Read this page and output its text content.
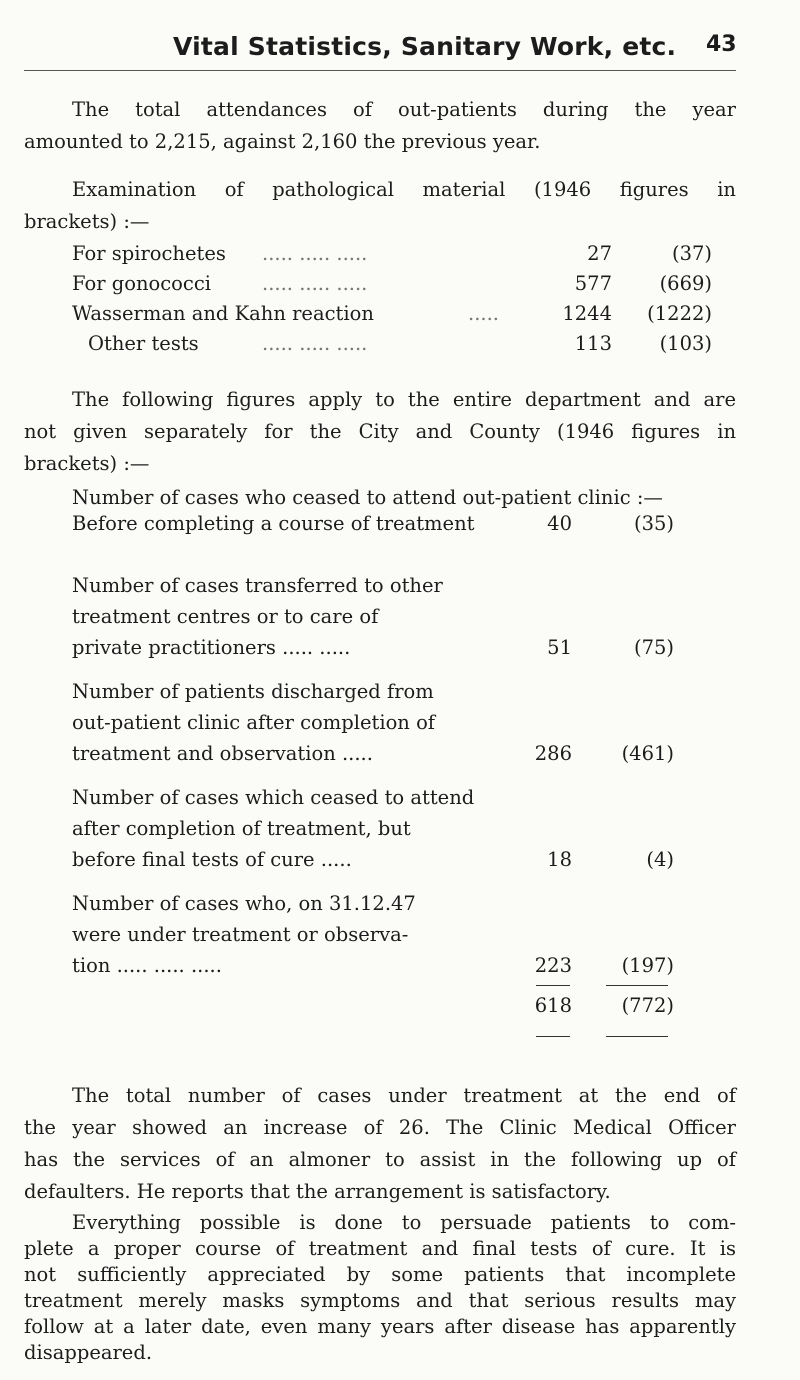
Vital Statistics, Sanitary Work, etc. 43
The total attendances of out-patients during the year
amounted to 2,215, against 2,160 the previous year.
Examination of pathological material (1946 figures in
brackets) :—
For spirochetes ..... ..... .....	27	(37)
For gonococci	..... ..... .....	577	(669)
Wasserman and Kahn reaction	.....	1244	(1222)
Other tests	..... ..... .....	113	(103)
The following figures apply to the entire department and are
not given separately for the City and County (1946 figures in
brackets) :—
Number of cases who ceased to attend out-patient clinic :—
Before completing a course of treatment	40	(35)
Number of cases transferred to other
treatment centres or to care of
private practitioners ..... .....	51	(75)
Number of patients discharged from
out-patient clinic after completion of
treatment and observation .....	286	(461)
Number of cases which ceased to attend
after completion of treatment, but
before final tests of cure .....	18	(4)
Number of cases who, on 31.12.47
were under treatment or observa-
tion ..... ..... .....	223	(197)
618	(772)
The total number of cases under treatment at the end of
the year showed an increase of 26. The Clinic Medical Officer
has the services of an almoner to assist in the following up of
defaulters. He reports that the arrangement is satisfactory.
Everything possible is done to persuade patients to com-
plete a proper course of treatment and final tests of cure. It is
not sufficiently appreciated by some patients that incomplete
treatment merely masks symptoms and that serious results may
follow at a later date, even many years after disease has apparently
disappeared.
